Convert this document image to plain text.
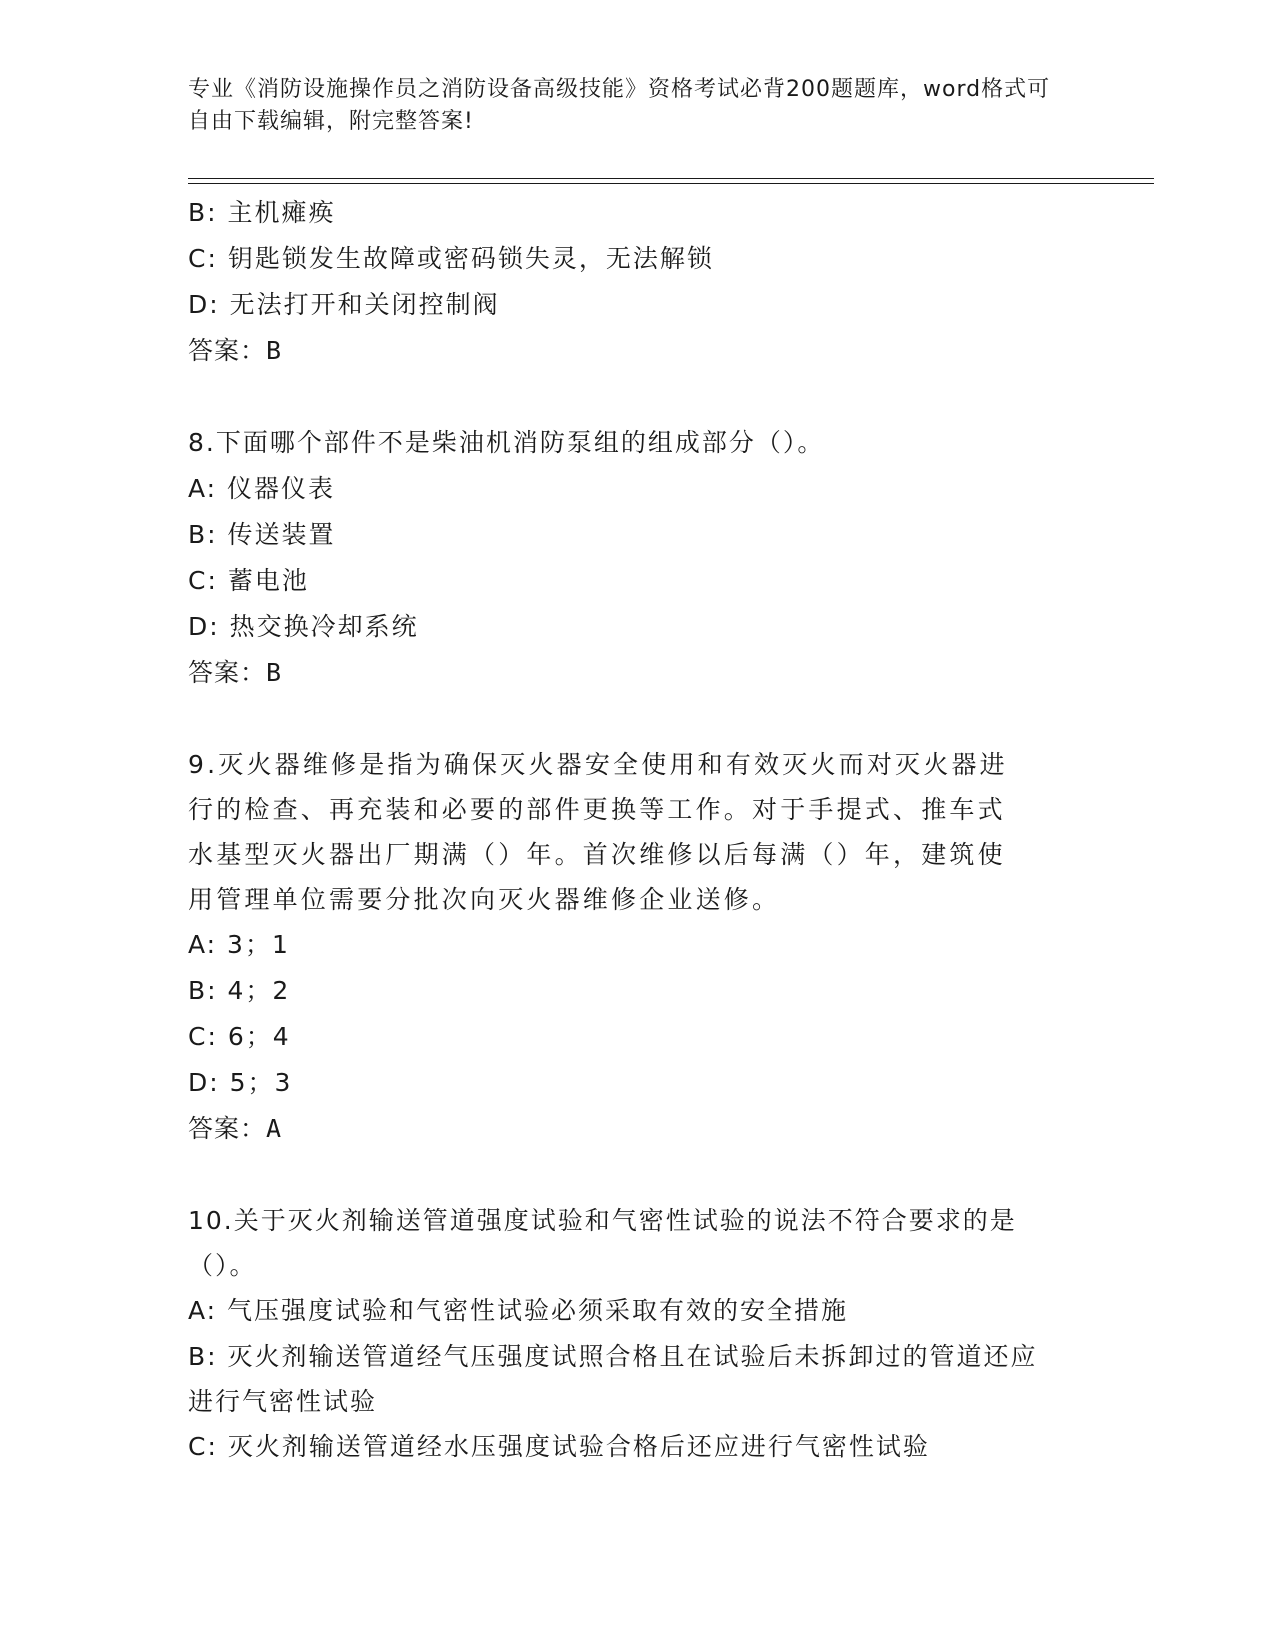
专业《消防设施操作员之消防设备高级技能》资格考试必背200题题库，word格式可自由下载编辑，附完整答案!
B: 主机瘫痪
C: 钥匙锁发生故障或密码锁失灵，无法解锁
D: 无法打开和关闭控制阀
答案：B
8.下面哪个部件不是柴油机消防泵组的组成部分（）。
A: 仪器仪表
B: 传送装置
C: 蓄电池
D: 热交换冷却系统
答案：B
9.灭火器维修是指为确保灭火器安全使用和有效灭火而对灭火器进行的检查、再充装和必要的部件更换等工作。对于手提式、推车式水基型灭火器出厂期满（）年。首次维修以后每满（）年，建筑使用管理单位需要分批次向灭火器维修企业送修。
A: 3；1
B: 4；2
C: 6；4
D: 5；3
答案：A
10.关于灭火剂输送管道强度试验和气密性试验的说法不符合要求的是（）。
A: 气压强度试验和气密性试验必须采取有效的安全措施
B: 灭火剂输送管道经气压强度试照合格且在试验后未拆卸过的管道还应进行气密性试验
C: 灭火剂输送管道经水压强度试验合格后还应进行气密性试验
